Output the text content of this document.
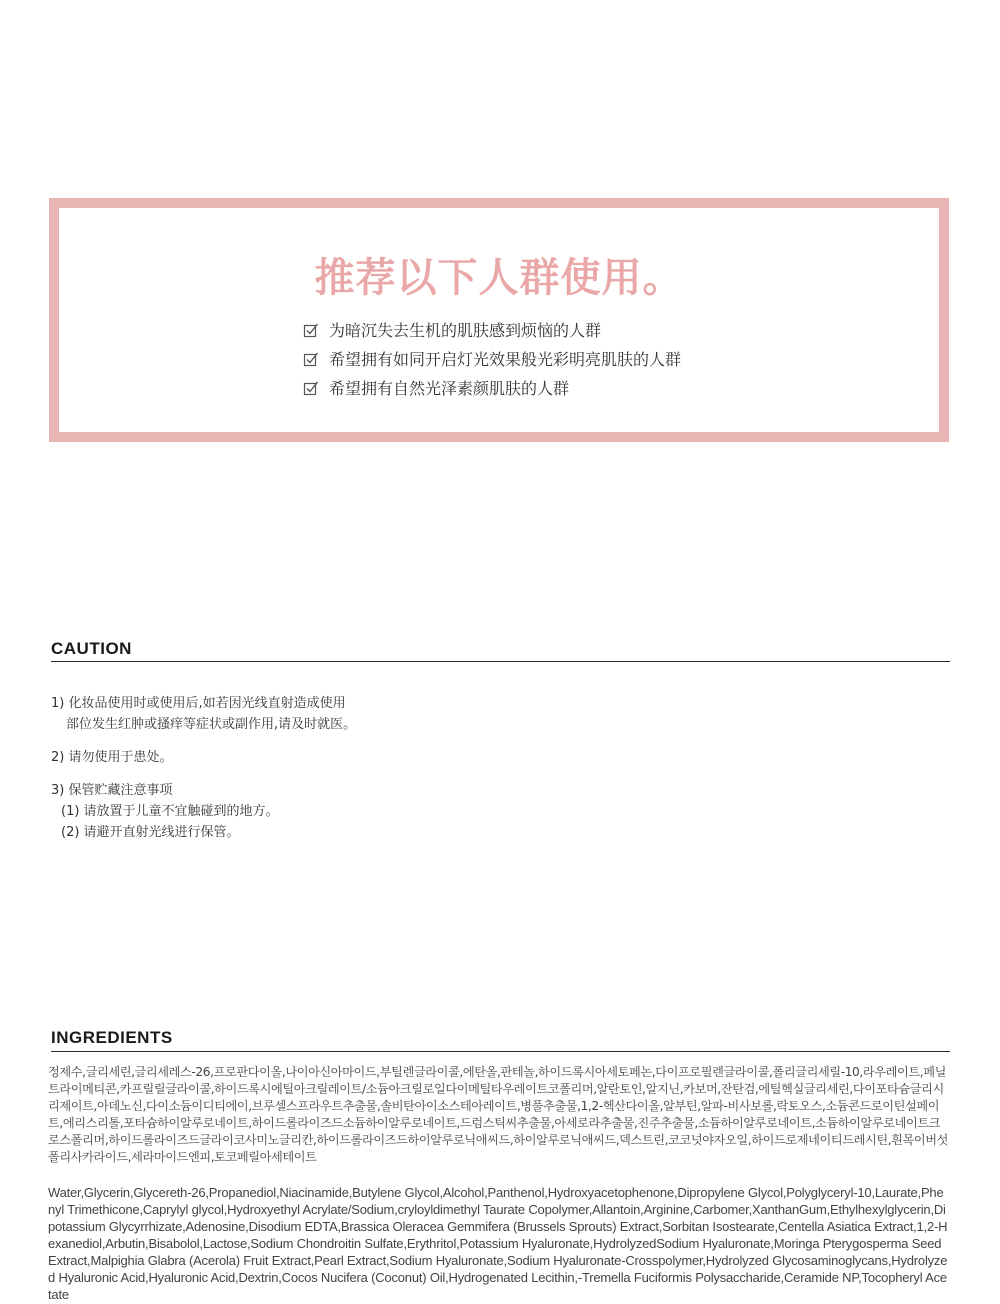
推荐以下人群使用。
为暗沉失去生机的肌肤感到烦恼的人群
希望拥有如同开启灯光效果般光彩明亮肌肤的人群
希望拥有自然光泽素颜肌肤的人群
CAUTION
1) 化妆品使用时或使用后,如若因光线直射造成使用
部位发生红肿或搔痒等症状或副作用,请及时就医。
2) 请勿使用于患处。
3) 保管贮藏注意事项
(1) 请放置于儿童不宜触碰到的地方。
(2) 请避开直射光线进行保管。
INGREDIENTS
정제수,글리세린,글리세레스-26,프로판다이올,나이아신아마이드,부틸렌글라이콜,에탄올,판테놀,하이드록시아세토페논,다이프로필렌글라이콜,폴리글리세릴-10,라우레이트,페닐트라이메티콘,카프릴릴글라이콜,하이드록시에틸아크릴레이트/소듐아크릴로일다이메틸타우레이트코폴리머,알란토인,알지닌,카보머,잔탄검,에틸헥실글리세린,다이포타슘글리시리제이트,아데노신,다이소듐이디티에이,브루셀스프라우트추출물,솔비탄아이소스테아레이트,병풀추출물,1,2-헥산다이올,알부틴,알파-비사보롤,락토오스,소듐콘드로이틴설페이트,에리스리톨,포타슘하이알루로네이트,하이드롤라이즈드소듐하이알루로네이트,드럼스틱씨추출물,아세로라추출물,진주추출물,소듐하이알루로네이트,소듐하이알루로네이트크로스폴리머,하이드롤라이즈드글라이코사미노글리칸,하이드롤라이즈드하이알루로닉애씨드,하이알루로닉애씨드,덱스트린,코코넛야자오일,하이드로제네이티드레시틴,흰목이버섯폴리사카라이드,세라마이드엔피,토코페릴아세테이트
Water,Glycerin,Glycereth-26,Propanediol,Niacinamide,Butylene Glycol,Alcohol,Panthenol,Hydroxyacetophenone,Dipropylene Glycol,Polyglyceryl-10,Laurate,Phenyl Trimethicone,Caprylyl glycol,Hydroxyethyl Acrylate/Sodium,cryloyldimethyl Taurate Copolymer,Allantoin,Arginine,Carbomer,XanthanGum,Ethylhexylglycerin,Dipotassium Glycyrrhizate,Adenosine,Disodium EDTA,Brassica Oleracea Gemmifera (Brussels Sprouts) Extract,Sorbitan Isostearate,Centella Asiatica Extract,1,2-Hexanediol,Arbutin,Bisabolol,Lactose,Sodium Chondroitin Sulfate,Erythritol,Potassium Hyaluronate,HydrolyzedSodium Hyaluronate,Moringa Pterygosperma Seed Extract,Malpighia Glabra (Acerola) Fruit Extract,Pearl Extract,Sodium Hyaluronate,Sodium Hyaluronate-Crosspolymer,Hydrolyzed Glycosaminoglycans,Hydrolyzed Hyaluronic Acid,Hyaluronic Acid,Dextrin,Cocos Nucifera (Coconut) Oil,Hydrogenated Lecithin,-Tremella Fuciformis Polysaccharide,Ceramide NP,Tocopheryl Acetate
